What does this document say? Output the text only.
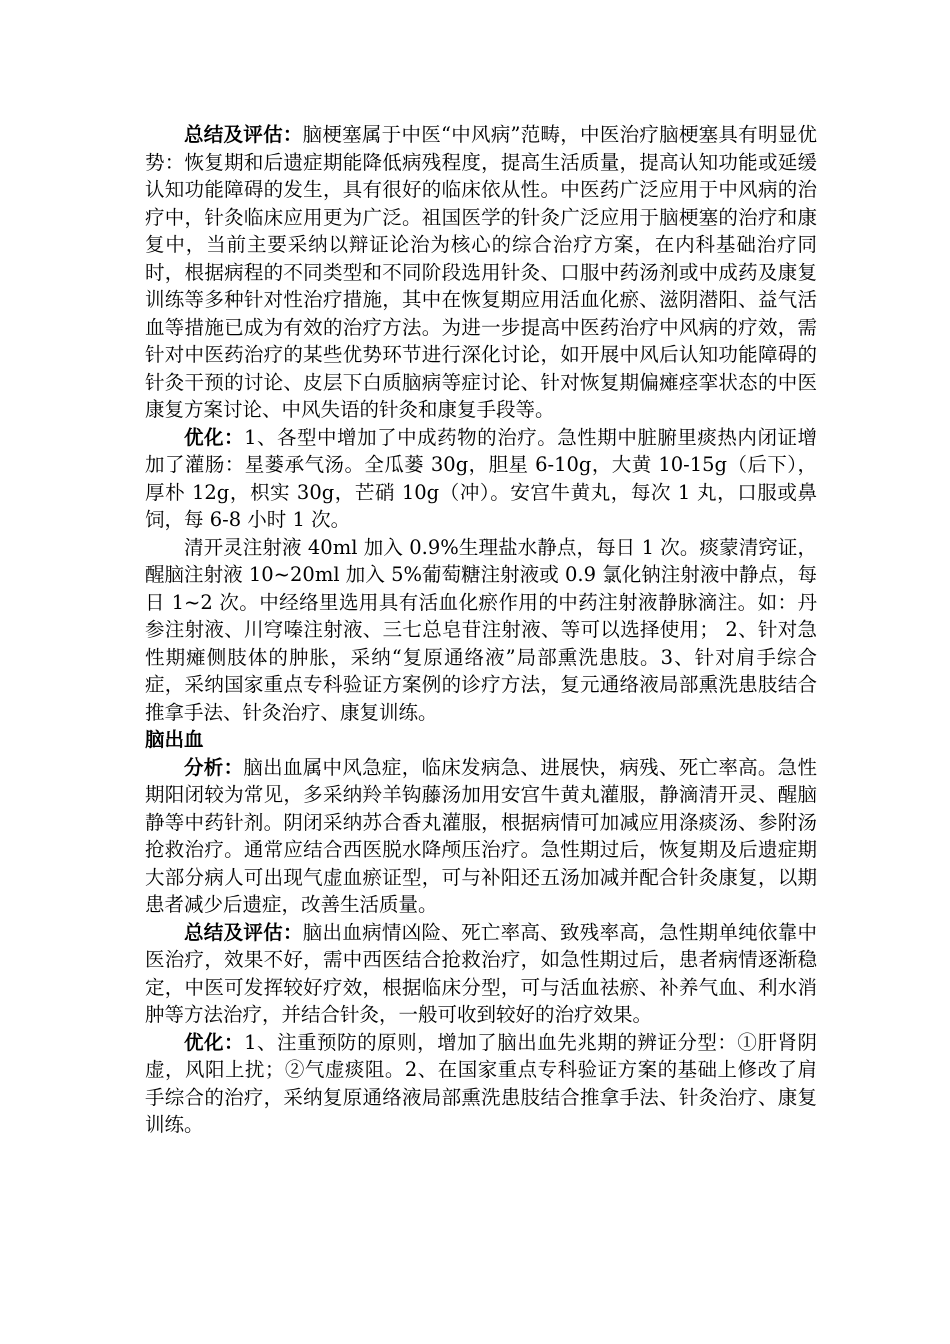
总结及评估：脑梗塞属于中医“中风病”范畴，中医治疗脑梗塞具有明显优势：恢复期和后遗症期能降低病残程度，提高生活质量，提高认知功能或延缓认知功能障碍的发生，具有很好的临床依从性。中医药广泛应用于中风病的治疗中，针灸临床应用更为广泛。祖国医学的针灸广泛应用于脑梗塞的治疗和康复中，当前主要采纳以辩证论治为核心的综合治疗方案，在内科基础治疗同时，根据病程的不同类型和不同阶段选用针灸、口服中药汤剂或中成药及康复训练等多种针对性治疗措施，其中在恢复期应用活血化瘀、滋阴潜阳、益气活血等措施已成为有效的治疗方法。为进一步提高中医药治疗中风病的疗效，需针对中医药治疗的某些优势环节进行深化讨论，如开展中风后认知功能障碍的针灸干预的讨论、皮层下白质脑病等症讨论、针对恢复期偏瘫痉挛状态的中医康复方案讨论、中风失语的针灸和康复手段等。

优化：1、各型中增加了中成药物的治疗。急性期中脏腑里痰热内闭证增加了灌肠：星蒌承气汤。全瓜蒌 30g，胆星 6-10g，大黄 10-15g（后下），厚朴 12g，枳实 30g，芒硝 10g（冲）。安宫牛黄丸，每次 1 丸，口服或鼻饲，每 6-8 小时 1 次。

清开灵注射液 40ml 加入 0.9%生理盐水静点，每日 1 次。痰蒙清窍证，醒脑注射液 10~20ml 加入 5%葡萄糖注射液或 0.9 氯化钠注射液中静点，每日 1~2 次。中经络里选用具有活血化瘀作用的中药注射液静脉滴注。如：丹参注射液、川穹嗪注射液、三七总皂苷注射液、等可以选择使用； 2、针对急性期瘫侧肢体的肿胀，采纳“复原通络液”局部熏洗患肢。3、针对肩手综合症，采纳国家重点专科验证方案例的诊疗方法，复元通络液局部熏洗患肢结合推拿手法、针灸治疗、康复训练。

脑出血

分析：脑出血属中风急症，临床发病急、进展快，病残、死亡率高。急性期阳闭较为常见，多采纳羚羊钩藤汤加用安宫牛黄丸灌服，静滴清开灵、醒脑静等中药针剂。阴闭采纳苏合香丸灌服，根据病情可加减应用涤痰汤、参附汤抢救治疗。通常应结合西医脱水降颅压治疗。急性期过后，恢复期及后遗症期大部分病人可出现气虚血瘀证型，可与补阳还五汤加减并配合针灸康复，以期患者减少后遗症，改善生活质量。

总结及评估：脑出血病情凶险、死亡率高、致残率高，急性期单纯依靠中医治疗，效果不好，需中西医结合抢救治疗，如急性期过后，患者病情逐渐稳定，中医可发挥较好疗效，根据临床分型，可与活血祛瘀、补养气血、利水消肿等方法治疗，并结合针灸，一般可收到较好的治疗效果。

优化：1、注重预防的原则，增加了脑出血先兆期的辨证分型：①肝肾阴虚，风阳上扰；②气虚痰阻。2、在国家重点专科验证方案的基础上修改了肩手综合的治疗，采纳复原通络液局部熏洗患肢结合推拿手法、针灸治疗、康复训练。
